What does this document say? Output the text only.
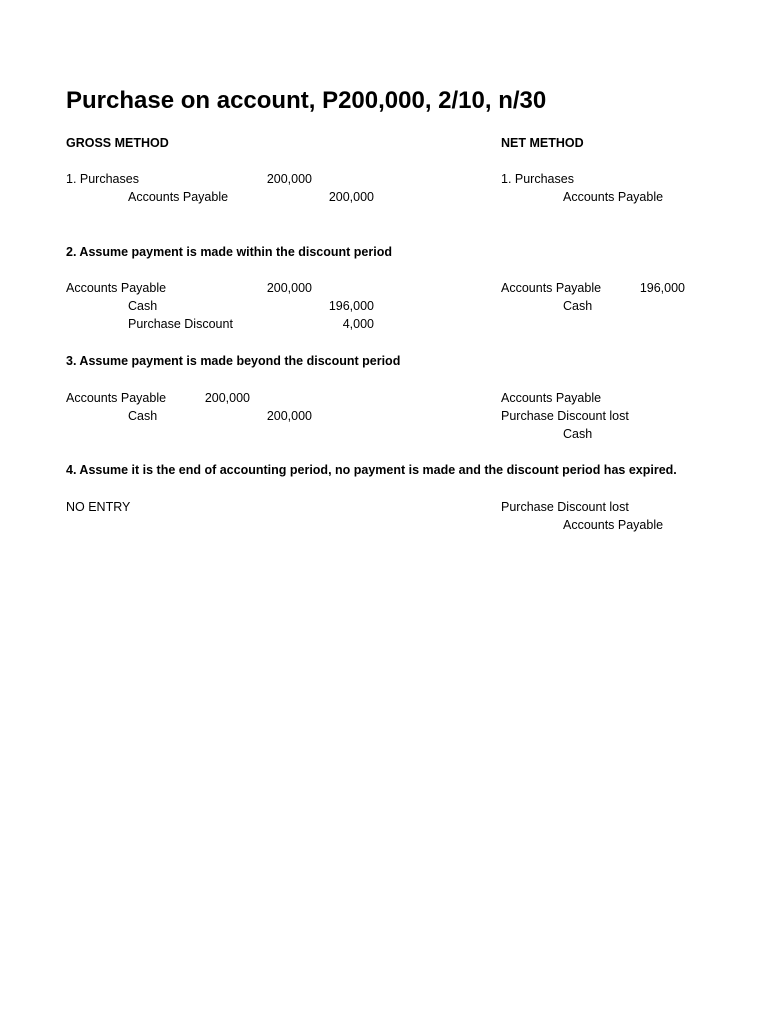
Purchase on account, P200,000, 2/10, n/30
GROSS METHOD	NET METHOD
1. Purchases	200,000
Accounts Payable	200,000
1. Purchases
Accounts Payable
2. Assume payment is made within the discount period
Accounts Payable	200,000
Cash	196,000
Purchase Discount	4,000
Accounts Payable	196,000
Cash
3. Assume payment is made beyond the discount period
Accounts Payable	200,000
Cash	200,000
Accounts Payable
Purchase Discount lost
Cash
4. Assume it is the end of accounting period, no payment is made and the discount period has expired.
NO ENTRY	Purchase Discount lost
Accounts Payable
